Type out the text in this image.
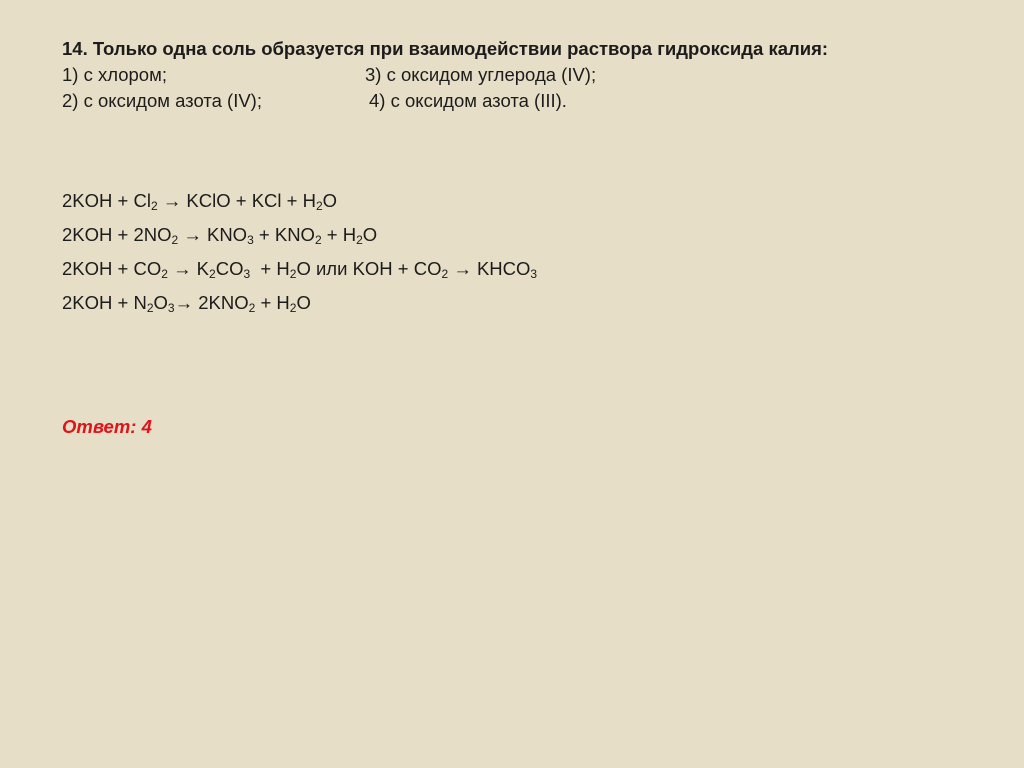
14. Только одна соль образуется при взаимодействии раствора гидроксида калия:
1) с хлором;	3) с оксидом углерода (IV);
2) с оксидом азота (IV);	4) с оксидом азота (III).
$2KOH + Cl_2$ → KClO + KCl + $H_2O$
$2KOH + 2NO_2 \to KNO_3 + KNO_2 + H_2O$
$2KOH + CO_2 \to K_2CO_3 + H_2O$ или KOH + $CO_2$ → $KHCO_3$
$2KOH + N_2O_3\to 2KNO_2 + H_2O$
Ответ: 4
